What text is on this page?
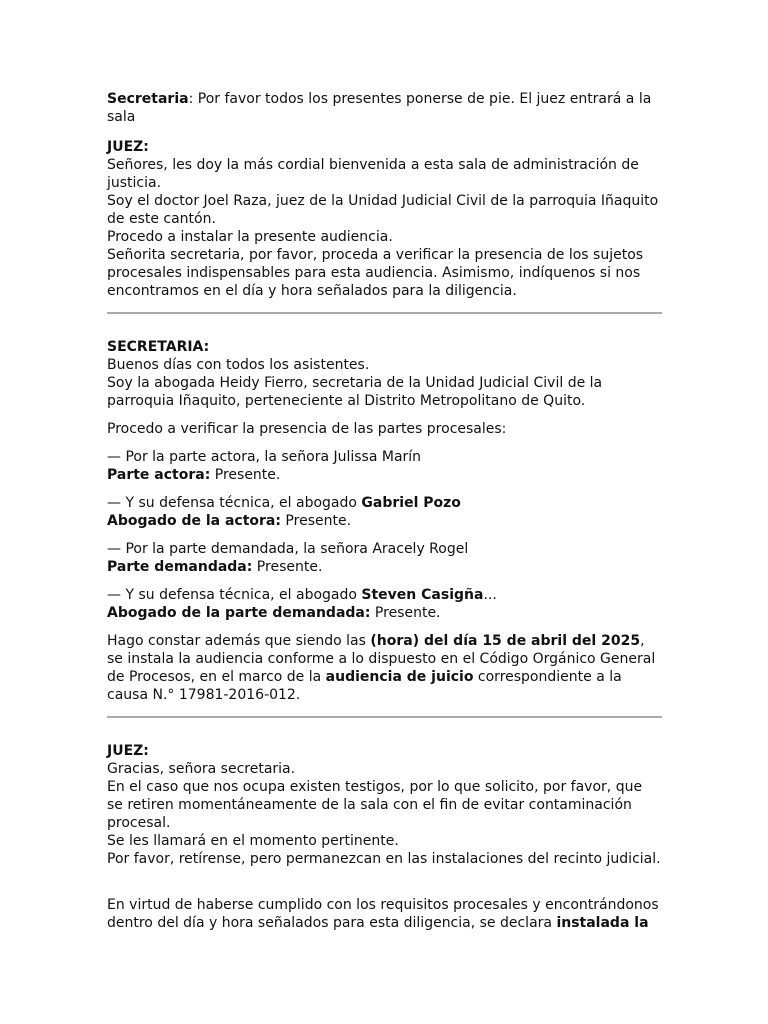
Secretaria: Por favor todos los presentes ponerse de pie. El juez entrará a la sala

JUEZ:

Señores, les doy la más cordial bienvenida a esta sala de administración de justicia.

Soy el doctor Joel Raza, juez de la Unidad Judicial Civil de la parroquia Iñaquito de este cantón.

Procedo a instalar la presente audiencia.

Señorita secretaria, por favor, proceda a verificar la presencia de los sujetos procesales indispensables para esta audiencia. Asimismo, indíquenos si nos encontramos en el día y hora señalados para la diligencia.

SECRETARIA:

Buenos días con todos los asistentes.

Soy la abogada Heidy Fierro, secretaria de la Unidad Judicial Civil de la parroquia Iñaquito, perteneciente al Distrito Metropolitano de Quito.

Procedo a verificar la presencia de las partes procesales:

— Por la parte actora, la señora Julissa Marín

Parte actora: Presente.

— Y su defensa técnica, el abogado Gabriel Pozo

Abogado de la actora: Presente.

— Por la parte demandada, la señora Aracely Rogel

Parte demandada: Presente.

— Y su defensa técnica, el abogado Steven Casigña...

Abogado de la parte demandada: Presente.

Hago constar además que siendo las (hora) del día 15 de abril del 2025, se instala la audiencia conforme a lo dispuesto en el Código Orgánico General de Procesos, en el marco de la audiencia de juicio correspondiente a la causa N.° 17981-2016-012.

JUEZ:

Gracias, señora secretaria.

En el caso que nos ocupa existen testigos, por lo que solicito, por favor, que se retiren momentáneamente de la sala con el fin de evitar contaminación procesal.

Se les llamará en el momento pertinente.

Por favor, retírense, pero permanezcan en las instalaciones del recinto judicial.

En virtud de haberse cumplido con los requisitos procesales y encontrándonos dentro del día y hora señalados para esta diligencia, se declara instalada la
